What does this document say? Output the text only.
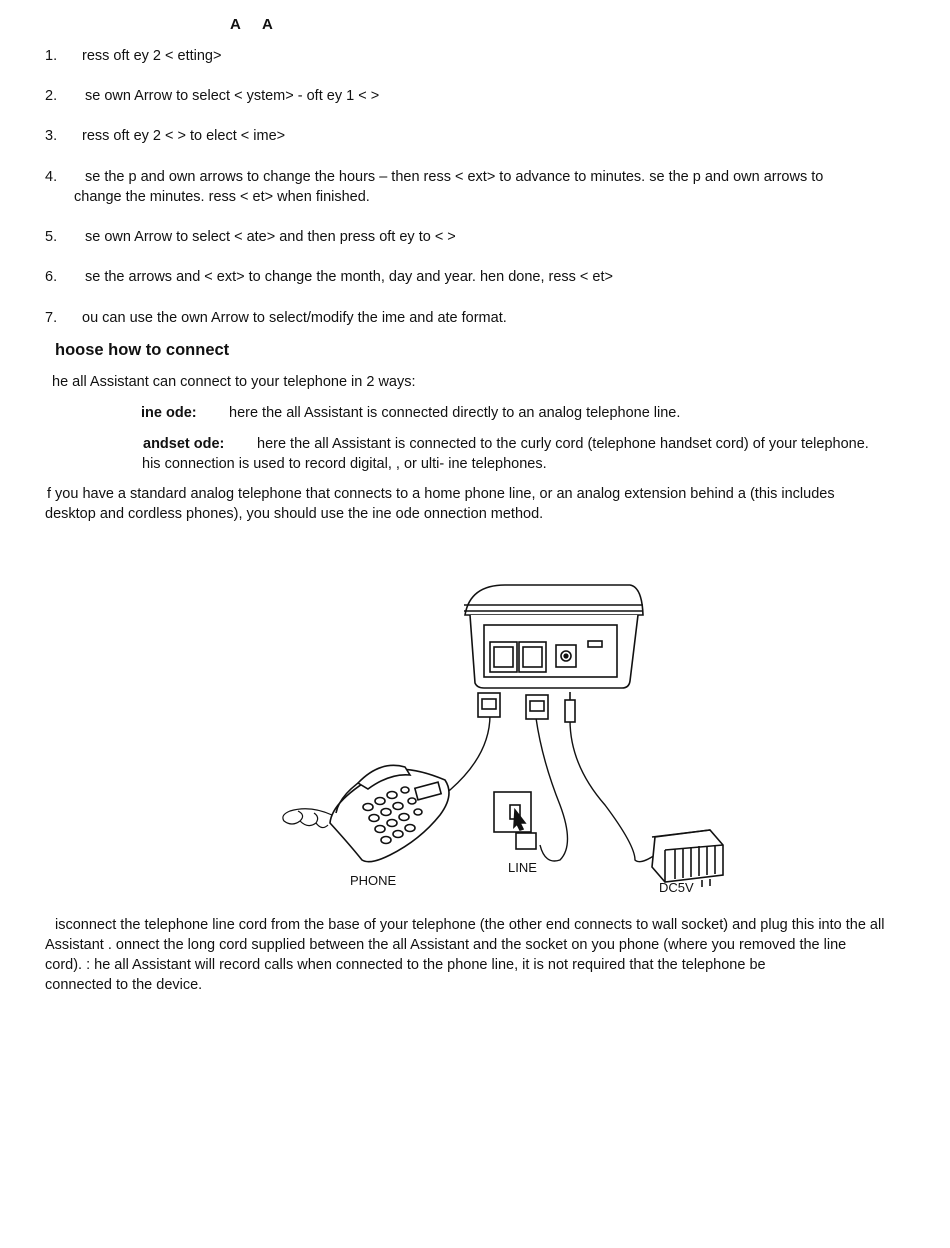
A A
1. ress oft ey 2 < etting>
2. se own Arrow to select < ystem> - oft ey 1 < >
3. ress oft ey 2 < > to elect < ime>
4. se the p and own arrows to change the hours – then ress < ext> to advance to minutes. se the p and own arrows to
change the minutes. ress < et> when finished.
5. se own Arrow to select < ate> and then press oft ey to < >
6. se the arrows and < ext> to change the month, day and year. hen done, ress < et>
7. ou can use the own Arrow to select/modify the ime and ate format.
hoose how to connect
he all Assistant can connect to your telephone in 2 ways:
ine ode: here the all Assistant is connected directly to an analog telephone line.
andset ode: here the all Assistant is connected to the curly cord (telephone handset cord) of your telephone.
his connection is used to record digital, , or ulti- ine telephones.
f you have a standard analog telephone that connects to a home phone line, or an analog extension behind a (this includes
desktop and cordless phones), you should use the ine ode onnection method.
PHONE
LINE
DC5V
isconnect the telephone line cord from the base of your telephone (the other end connects to wall socket) and plug this into the all
Assistant . onnect the long cord supplied between the all Assistant and the socket on you phone (where you removed the line
cord). : he all Assistant will record calls when connected to the phone line, it is not required that the telephone be
connected to the device.
